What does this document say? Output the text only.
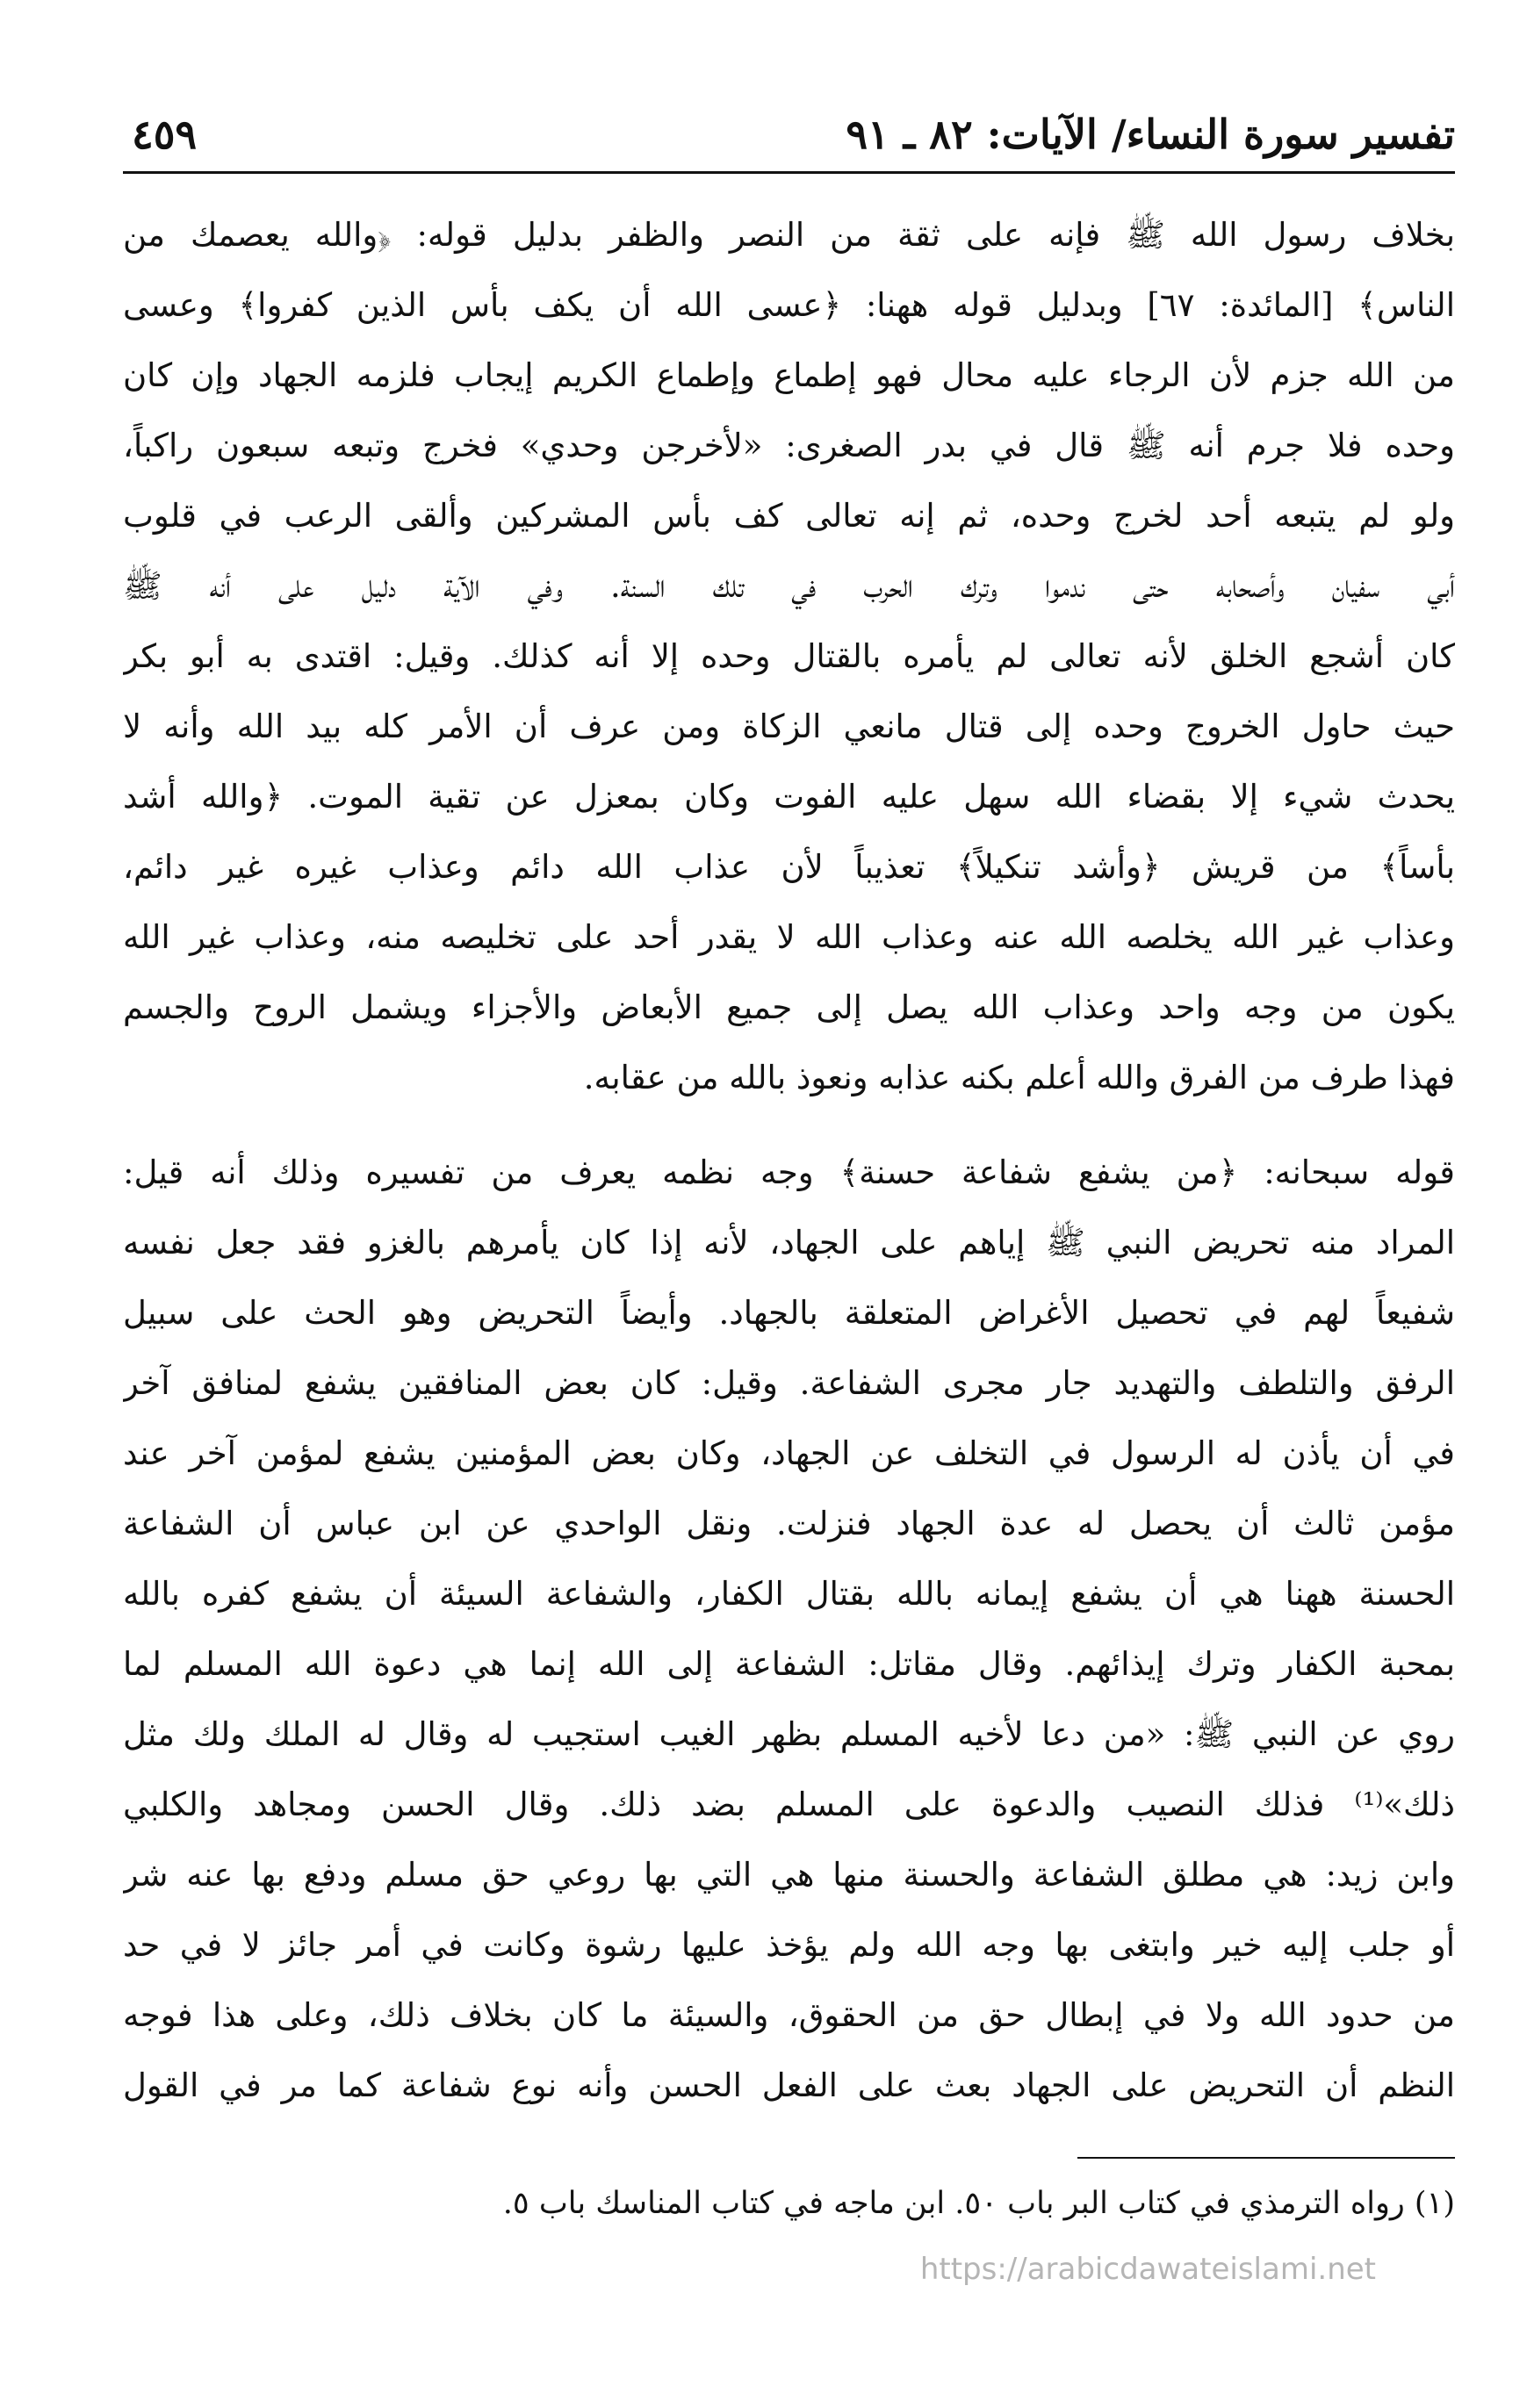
تفسير سورة النساء/ الآيات: ٨٢ ـ ٩١
٤٥٩
بخلاف رسول الله ﷺ فإنه على ثقة من النصر والظفر بدليل قوله: ﴿والله يعصمك من
الناس﴾ [المائدة: ٦٧] وبدليل قوله ههنا: ﴿عسى الله أن يكف بأس الذين كفروا﴾ وعسى
من الله جزم لأن الرجاء عليه محال فهو إطماع وإطماع الكريم إيجاب فلزمه الجهاد وإن كان
وحده فلا جرم أنه ﷺ قال في بدر الصغرى: «لأخرجن وحدي» فخرج وتبعه سبعون راكباً،
ولو لم يتبعه أحد لخرج وحده، ثم إنه تعالى كف بأس المشركين وألقى الرعب في قلوب
أبي سفيان وأصحابه حتى ندموا وترك الحرب في تلك السنة. وفي الآية دليل على أنه ﷺ
كان أشجع الخلق لأنه تعالى لم يأمره بالقتال وحده إلا أنه كذلك. وقيل: اقتدى به أبو بكر
حيث حاول الخروج وحده إلى قتال مانعي الزكاة ومن عرف أن الأمر كله بيد الله وأنه لا
يحدث شيء إلا بقضاء الله سهل عليه الفوت وكان بمعزل عن تقية الموت. ﴿والله أشد
بأساً﴾ من قريش ﴿وأشد تنكيلاً﴾ تعذيباً لأن عذاب الله دائم وعذاب غيره غير دائم،
وعذاب غير الله يخلصه الله عنه وعذاب الله لا يقدر أحد على تخليصه منه، وعذاب غير الله
يكون من وجه واحد وعذاب الله يصل إلى جميع الأبعاض والأجزاء ويشمل الروح والجسم
فهذا طرف من الفرق والله أعلم بكنه عذابه ونعوذ بالله من عقابه.
قوله سبحانه: ﴿من يشفع شفاعة حسنة﴾ وجه نظمه يعرف من تفسيره وذلك أنه قيل:
المراد منه تحريض النبي ﷺ إياهم على الجهاد، لأنه إذا كان يأمرهم بالغزو فقد جعل نفسه
شفيعاً لهم في تحصيل الأغراض المتعلقة بالجهاد. وأيضاً التحريض وهو الحث على سبيل
الرفق والتلطف والتهديد جار مجرى الشفاعة. وقيل: كان بعض المنافقين يشفع لمنافق آخر
في أن يأذن له الرسول في التخلف عن الجهاد، وكان بعض المؤمنين يشفع لمؤمن آخر عند
مؤمن ثالث أن يحصل له عدة الجهاد فنزلت. ونقل الواحدي عن ابن عباس أن الشفاعة
الحسنة ههنا هي أن يشفع إيمانه بالله بقتال الكفار، والشفاعة السيئة أن يشفع كفره بالله
بمحبة الكفار وترك إيذائهم. وقال مقاتل: الشفاعة إلى الله إنما هي دعوة الله المسلم لما
روي عن النبي ﷺ: «من دعا لأخيه المسلم بظهر الغيب استجيب له وقال له الملك ولك مثل
ذلك»⁽¹⁾ فذلك النصيب والدعوة على المسلم بضد ذلك. وقال الحسن ومجاهد والكلبي
وابن زيد: هي مطلق الشفاعة والحسنة منها هي التي بها روعي حق مسلم ودفع بها عنه شر
أو جلب إليه خير وابتغى بها وجه الله ولم يؤخذ عليها رشوة وكانت في أمر جائز لا في حد
من حدود الله ولا في إبطال حق من الحقوق، والسيئة ما كان بخلاف ذلك، وعلى هذا فوجه
النظم أن التحريض على الجهاد بعث على الفعل الحسن وأنه نوع شفاعة كما مر في القول
(١) رواه الترمذي في كتاب البر باب ٥٠. ابن ماجه في كتاب المناسك باب ٥.
https://arabicdawateislami.net
